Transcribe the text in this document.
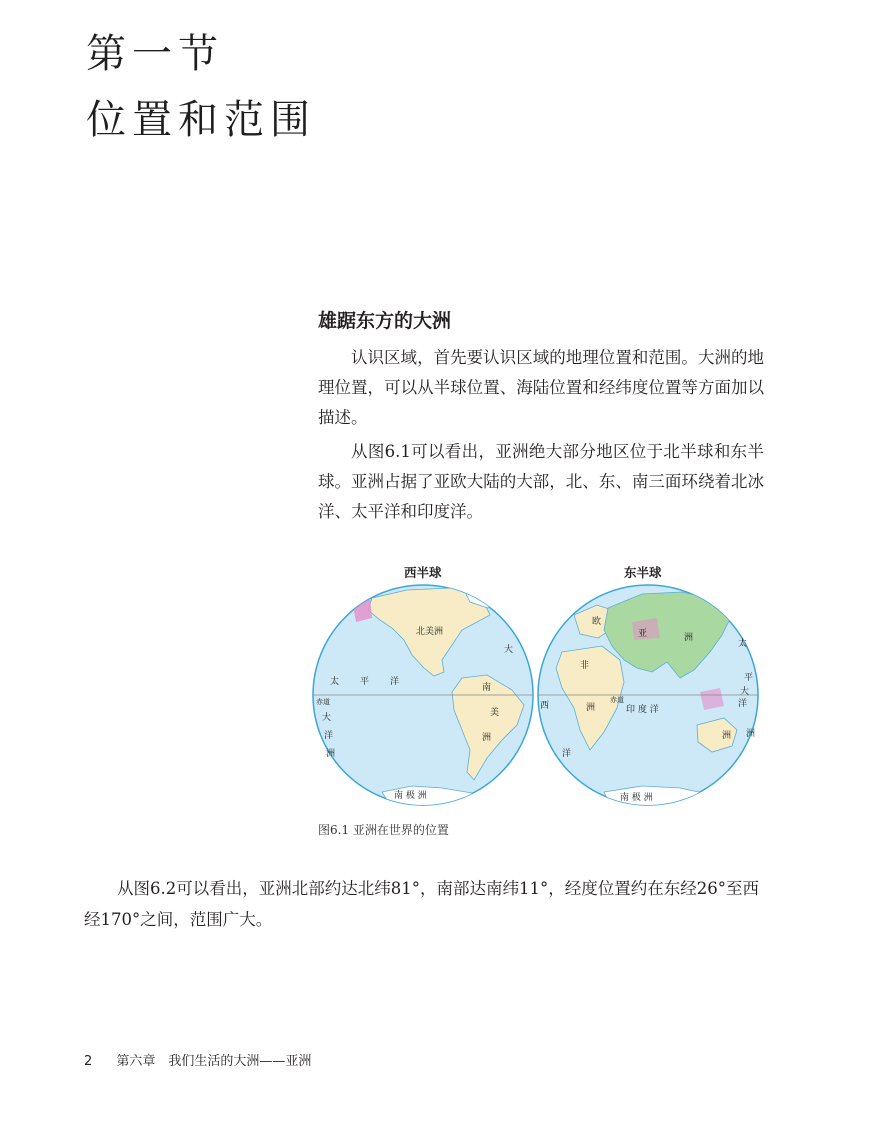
第一节
位置和范围
雄踞东方的大洲

认识区域，首先要认识区域的地理位置和范围。大洲的地理位置，可以从半球位置、海陆位置和经纬度位置等方面加以描述。

从图6.1可以看出，亚洲绝大部分地区位于北半球和东半球。亚洲占据了亚欧大陆的大部，北、东、南三面环绕着北冰洋、太平洋和印度洋。

西半球	东半球
北美洲
南
美
洲
太 平 洋
赤道
大
洋
洲
大
南 极 洲
非
洲
欧
亚	洲
印 度 洋
赤道
西
洋
洲
南 极 洲
太
平
大
洋
洲
图6.1 亚洲在世界的位置

从图6.2可以看出，亚洲北部约达北纬81°，南部达南纬11°，经度位置约在东经26°至西经170°之间，范围广大。

2 第六章　我们生活的大洲——亚洲
